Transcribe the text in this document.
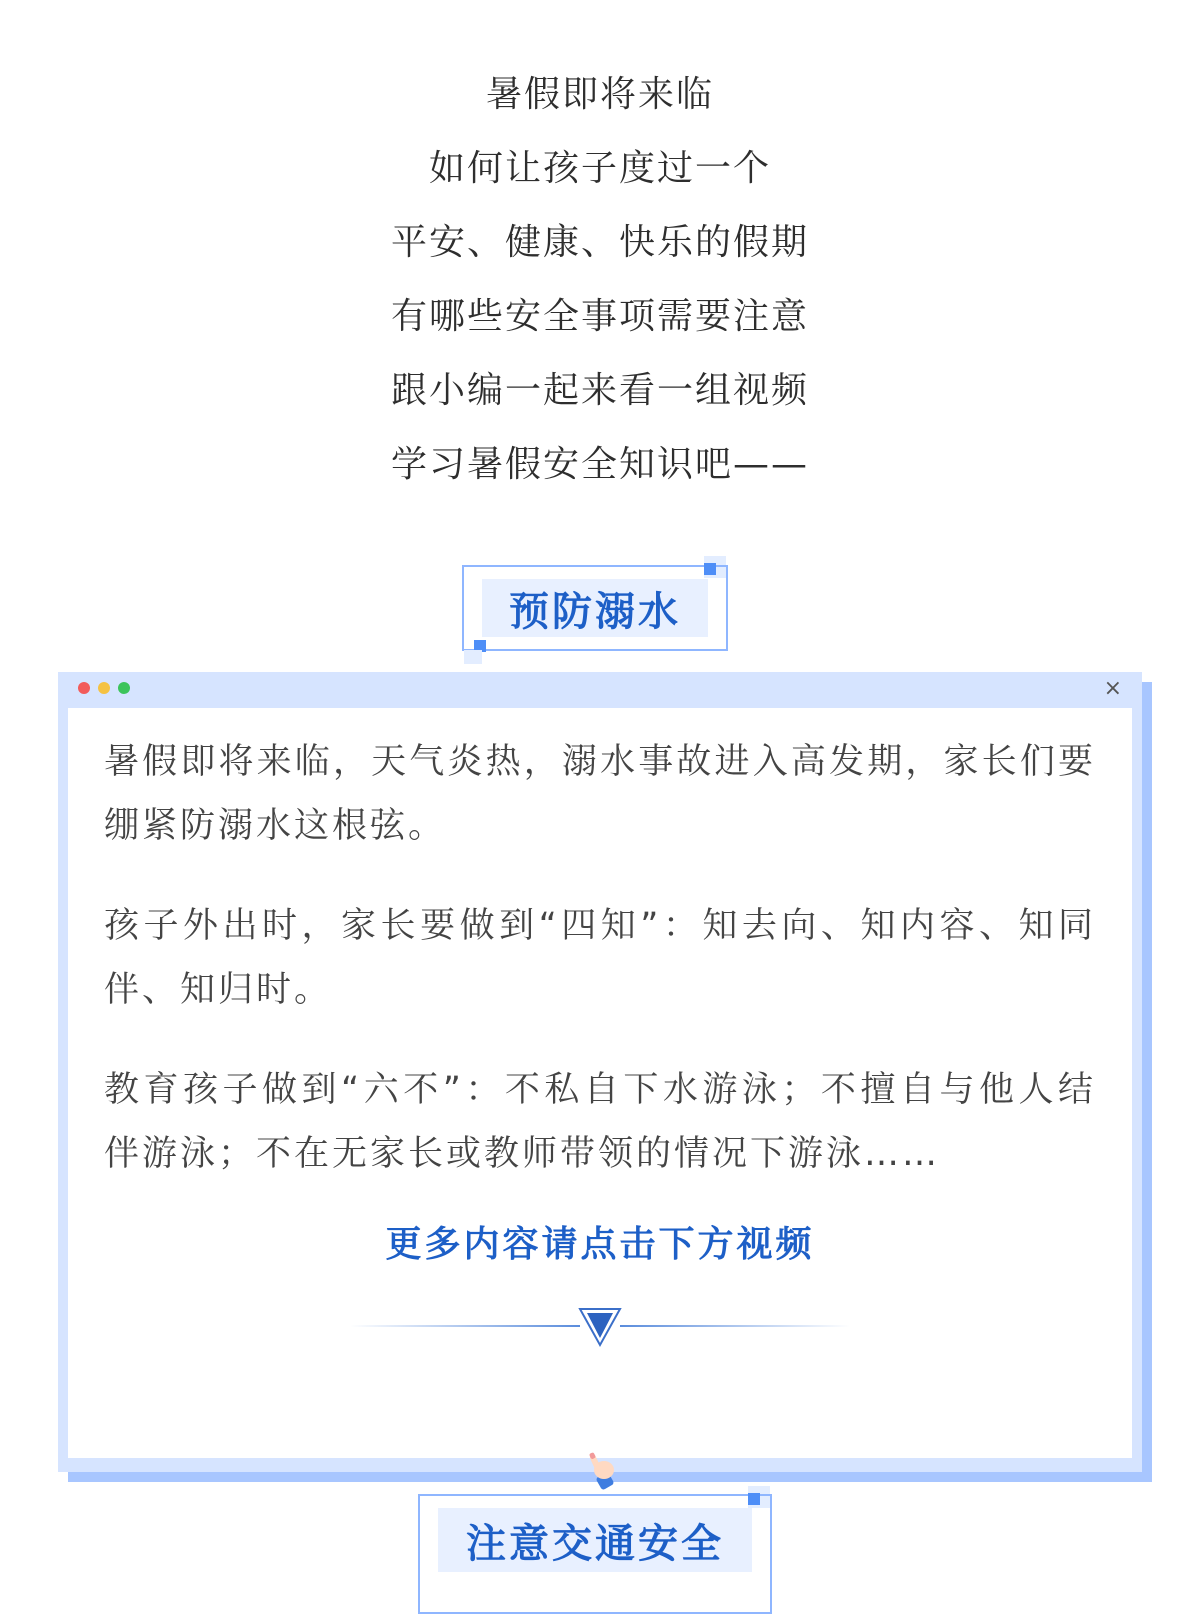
暑假即将来临
如何让孩子度过一个
平安、健康、快乐的假期
有哪些安全事项需要注意
跟小编一起来看一组视频
学习暑假安全知识吧——
预防溺水
×

暑假即将来临，天气炎热，溺水事故进入高发期，家长们要绷紧防溺水这根弦。

孩子外出时，家长要做到“四知”：知去向、知内容、知同伴、知归时。

教育孩子做到“六不”：不私自下水游泳；不擅自与他人结伴游泳；不在无家长或教师带领的情况下游泳……

更多内容请点击下方视频
注意交通安全
